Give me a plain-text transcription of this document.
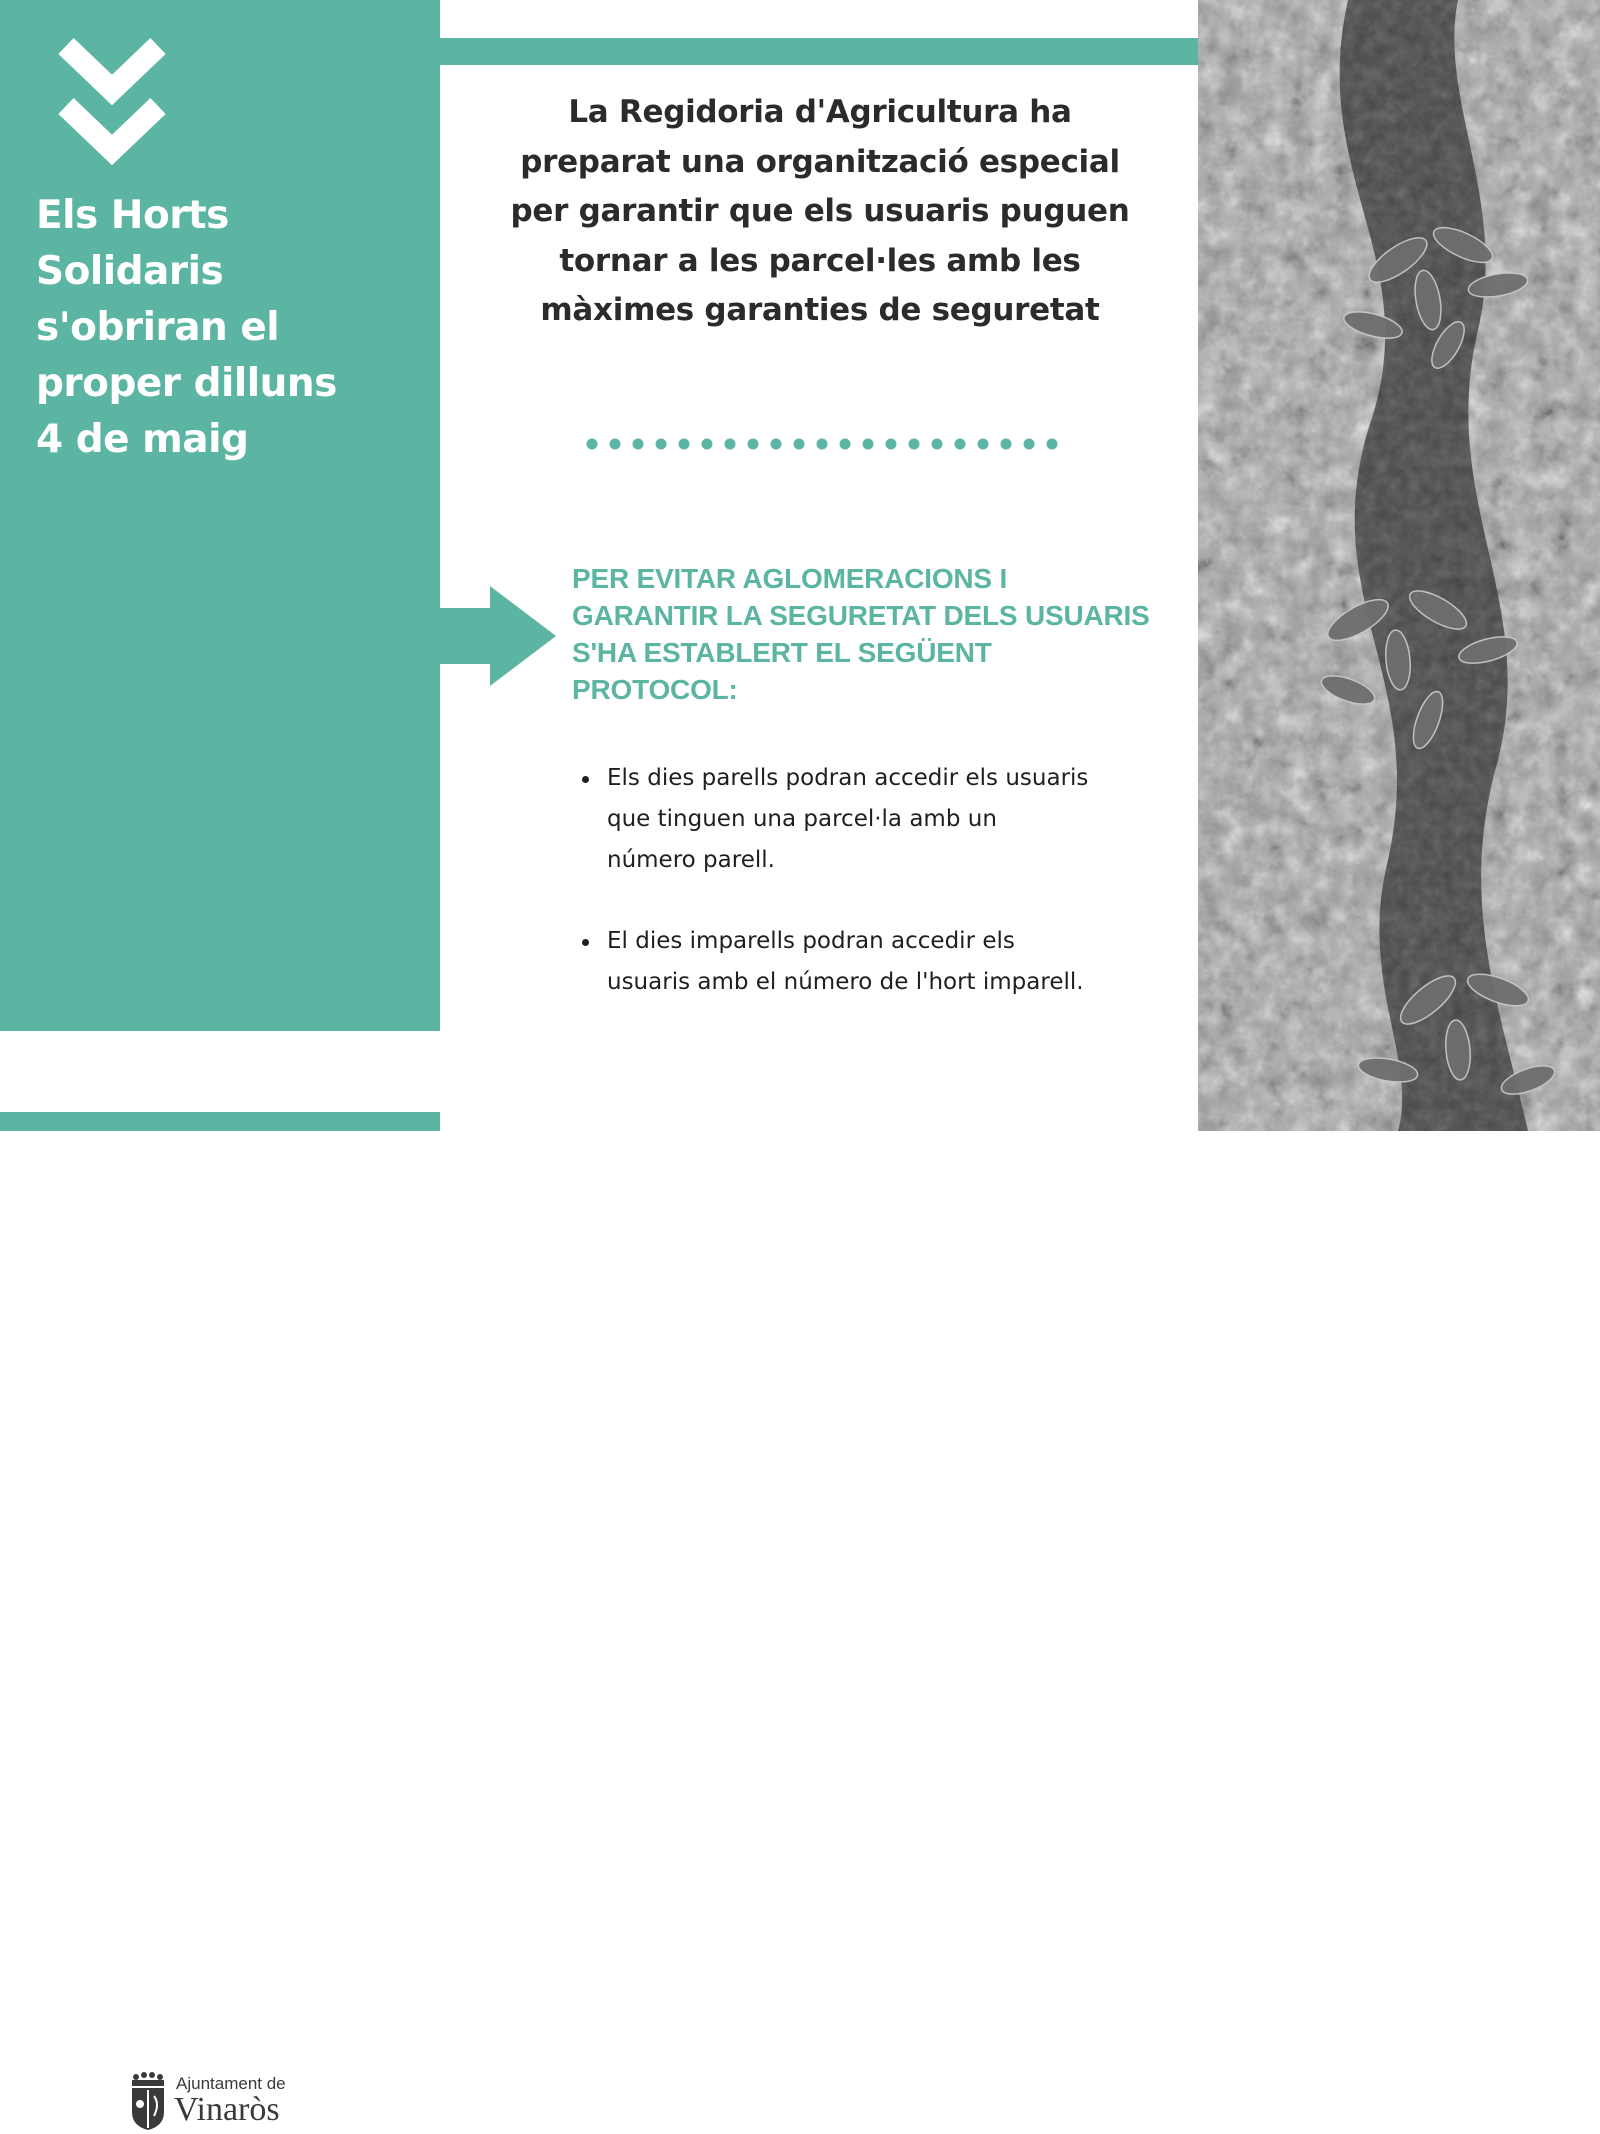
Els Horts
Solidaris
s'obriran el
proper dilluns
4 de maig
Ajuntament de
Vinaròs
La Regidoria d'Agricultura ha
preparat una organització especial
per garantir que els usuaris puguen
tornar a les parcel·les amb les
màximes garanties de seguretat
PER EVITAR AGLOMERACIONS I
GARANTIR LA SEGURETAT DELS USUARIS
S'HA ESTABLERT EL SEGÜENT
PROTOCOL:
Els dies parells podran accedir els usuaris
que tinguen una parcel·la amb un
número parell.
El dies imparells podran accedir els
usuaris amb el número de l'hort imparell.
